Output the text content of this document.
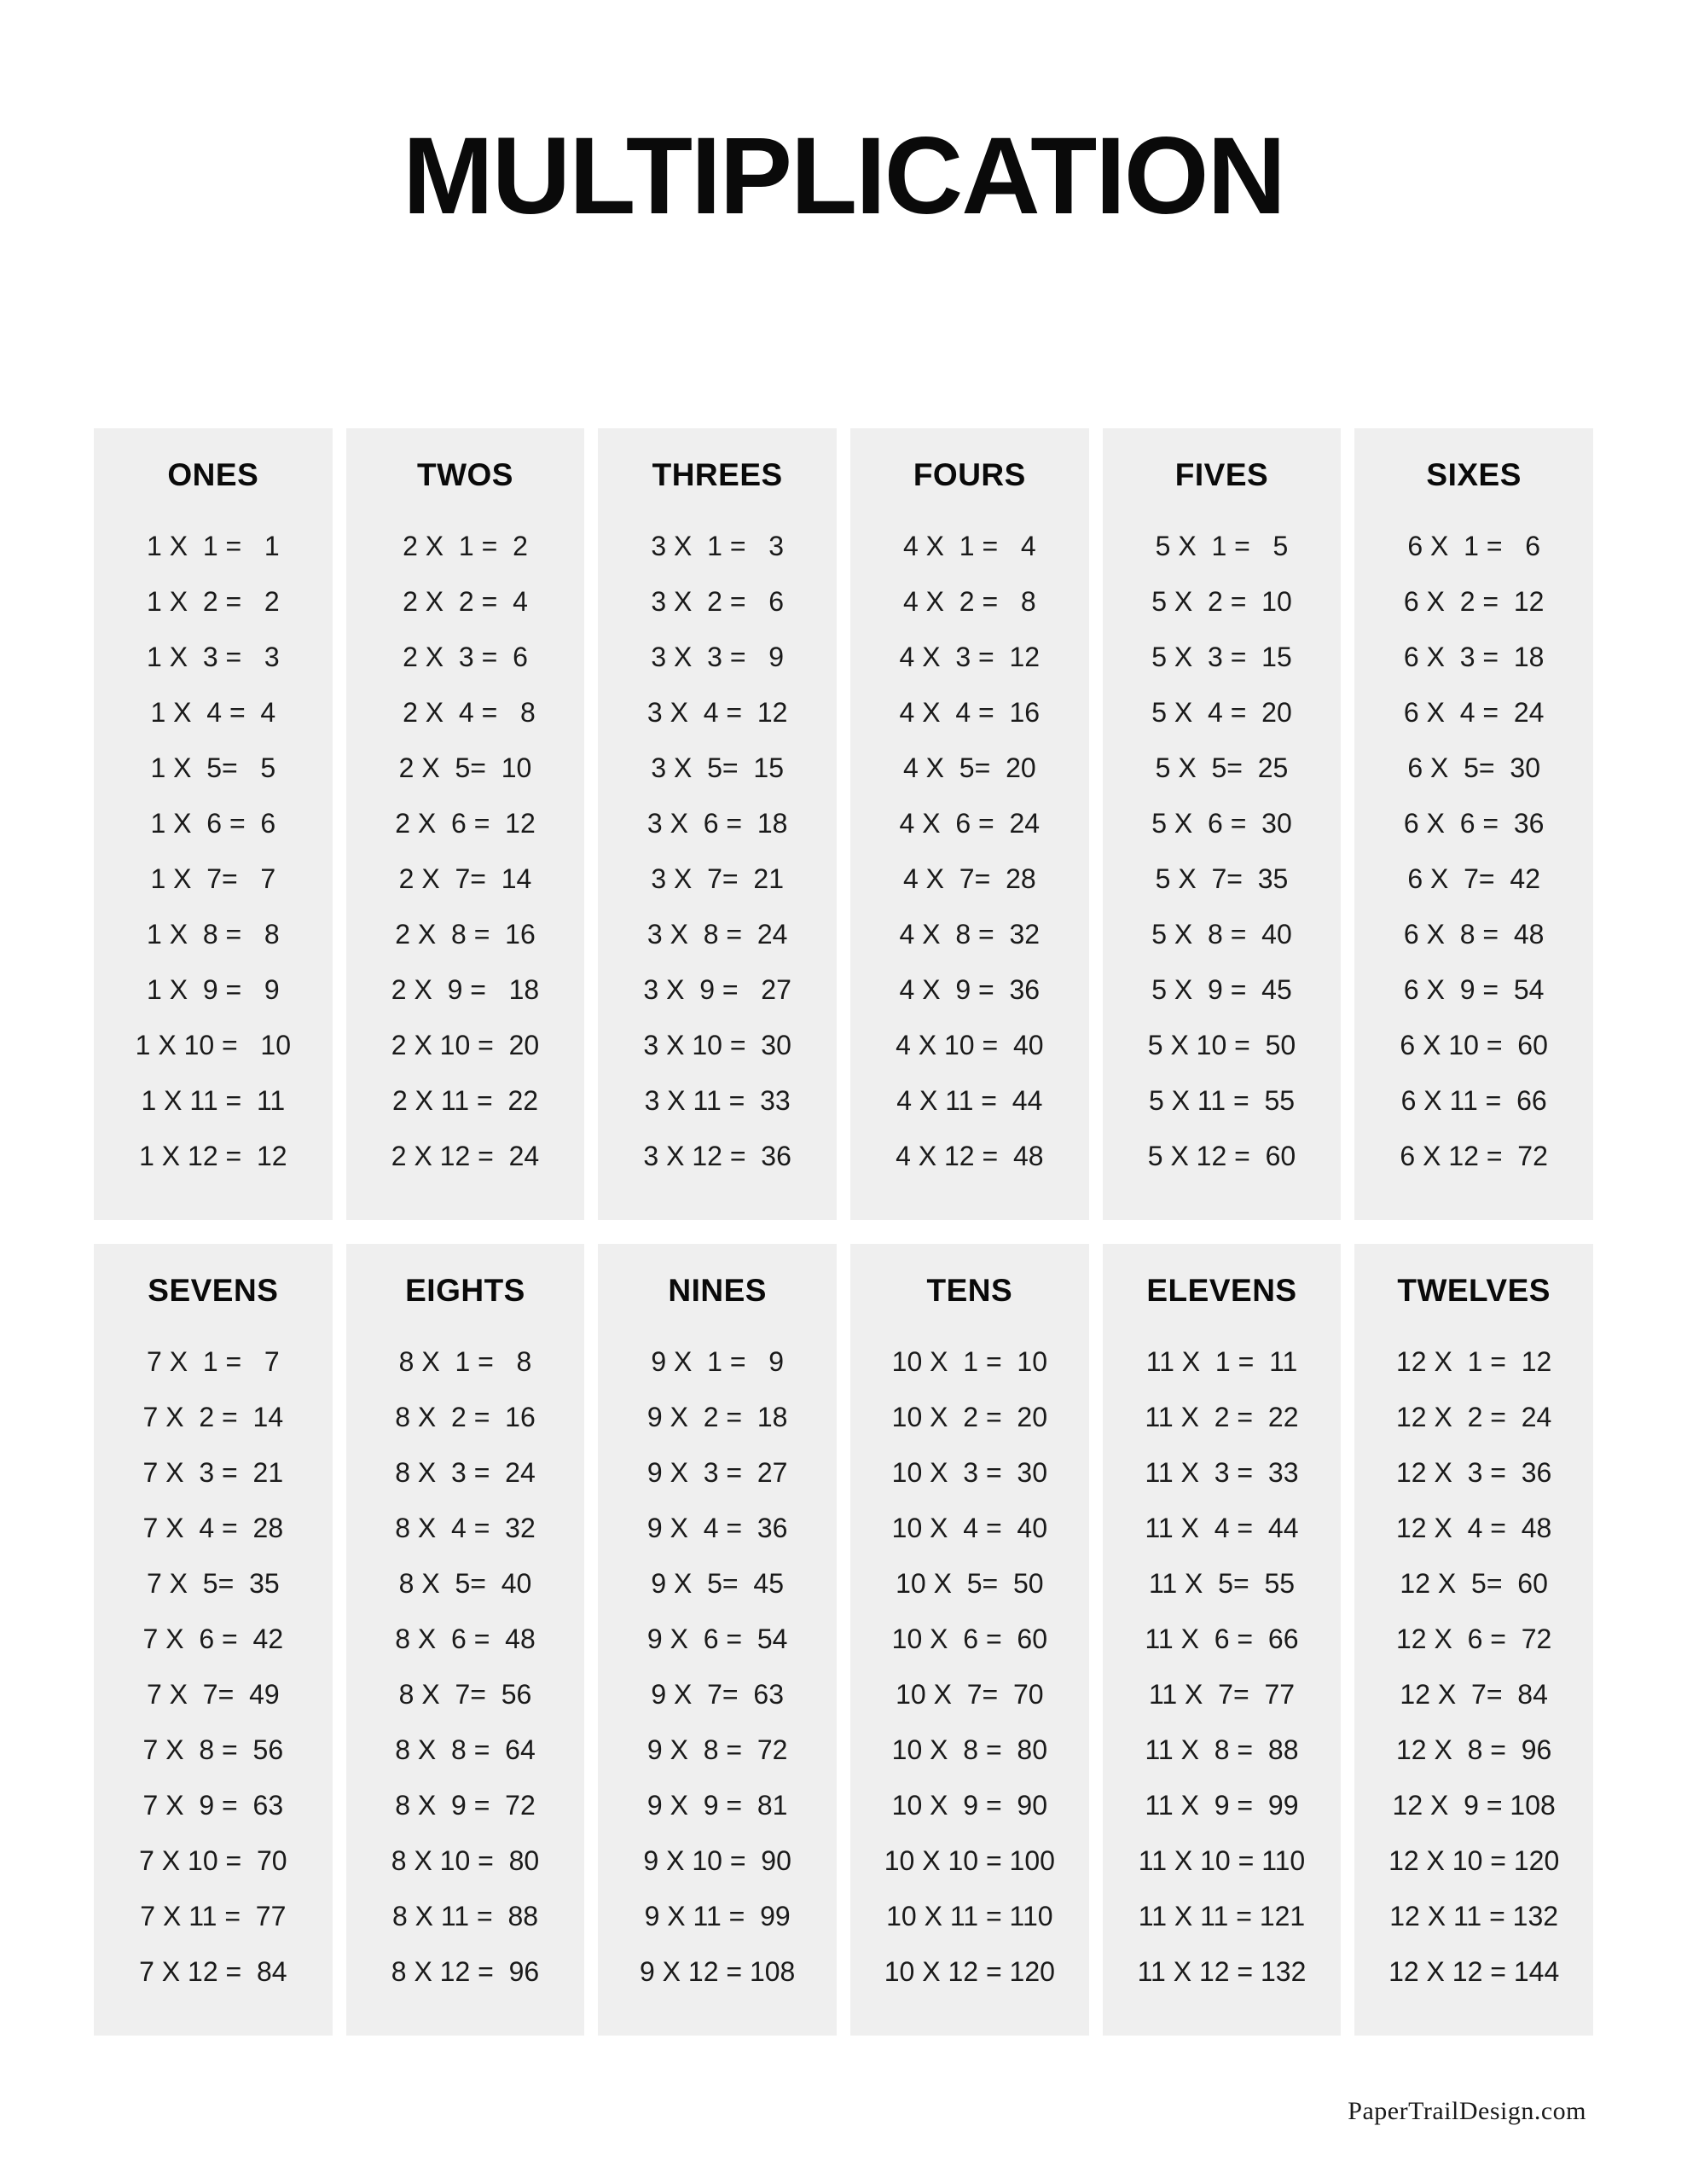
MULTIPLICATION
ONES
1 X  1 =   1
1 X  2 =   2
1 X  3 =   3
1 X  4 =  4
1 X  5=   5
1 X  6 =  6
1 X  7=   7
1 X  8 =   8
1 X  9 =   9
1 X 10 =   10
1 X 11 =  11
1 X 12 =  12
TWOS
2 X  1 =  2
2 X  2 =  4
2 X  3 =  6
2 X  4 =   8
2 X  5=  10
2 X  6 =  12
2 X  7=  14
2 X  8 =  16
2 X  9 =   18
2 X 10 =  20
2 X 11 =  22
2 X 12 =  24
THREES
3 X  1 =   3
3 X  2 =   6
3 X  3 =   9
3 X  4 =  12
3 X  5=  15
3 X  6 =  18
3 X  7=  21
3 X  8 =  24
3 X  9 =   27
3 X 10 =  30
3 X 11 =  33
3 X 12 =  36
FOURS
4 X  1 =   4
4 X  2 =   8
4 X  3 =  12
4 X  4 =  16
4 X  5=  20
4 X  6 =  24
4 X  7=  28
4 X  8 =  32
4 X  9 =  36
4 X 10 =  40
4 X 11 =  44
4 X 12 =  48
FIVES
5 X  1 =   5
5 X  2 =  10
5 X  3 =  15
5 X  4 =  20
5 X  5=  25
5 X  6 =  30
5 X  7=  35
5 X  8 =  40
5 X  9 =  45
5 X 10 =  50
5 X 11 =  55
5 X 12 =  60
SIXES
6 X  1 =   6
6 X  2 =  12
6 X  3 =  18
6 X  4 =  24
6 X  5=  30
6 X  6 =  36
6 X  7=  42
6 X  8 =  48
6 X  9 =  54
6 X 10 =  60
6 X 11 =  66
6 X 12 =  72
SEVENS
7 X  1 =   7
7 X  2 =  14
7 X  3 =  21
7 X  4 =  28
7 X  5=  35
7 X  6 =  42
7 X  7=  49
7 X  8 =  56
7 X  9 =  63
7 X 10 =  70
7 X 11 =  77
7 X 12 =  84
EIGHTS
8 X  1 =   8
8 X  2 =  16
8 X  3 =  24
8 X  4 =  32
8 X  5=  40
8 X  6 =  48
8 X  7=  56
8 X  8 =  64
8 X  9 =  72
8 X 10 =  80
8 X 11 =  88
8 X 12 =  96
NINES
9 X  1 =   9
9 X  2 =  18
9 X  3 =  27
9 X  4 =  36
9 X  5=  45
9 X  6 =  54
9 X  7=  63
9 X  8 =  72
9 X  9 =  81
9 X 10 =  90
9 X 11 =  99
9 X 12 = 108
TENS
10 X  1 =  10
10 X  2 =  20
10 X  3 =  30
10 X  4 =  40
10 X  5=  50
10 X  6 =  60
10 X  7=  70
10 X  8 =  80
10 X  9 =  90
10 X 10 = 100
10 X 11 = 110
10 X 12 = 120
ELEVENS
11 X  1 =  11
11 X  2 =  22
11 X  3 =  33
11 X  4 =  44
11 X  5=  55
11 X  6 =  66
11 X  7=  77
11 X  8 =  88
11 X  9 =  99
11 X 10 = 110
11 X 11 = 121
11 X 12 = 132
TWELVES
12 X  1 =  12
12 X  2 =  24
12 X  3 =  36
12 X  4 =  48
12 X  5=  60
12 X  6 =  72
12 X  7=  84
12 X  8 =  96
12 X  9 = 108
12 X 10 = 120
12 X 11 = 132
12 X 12 = 144
PaperTrailDesign.com
